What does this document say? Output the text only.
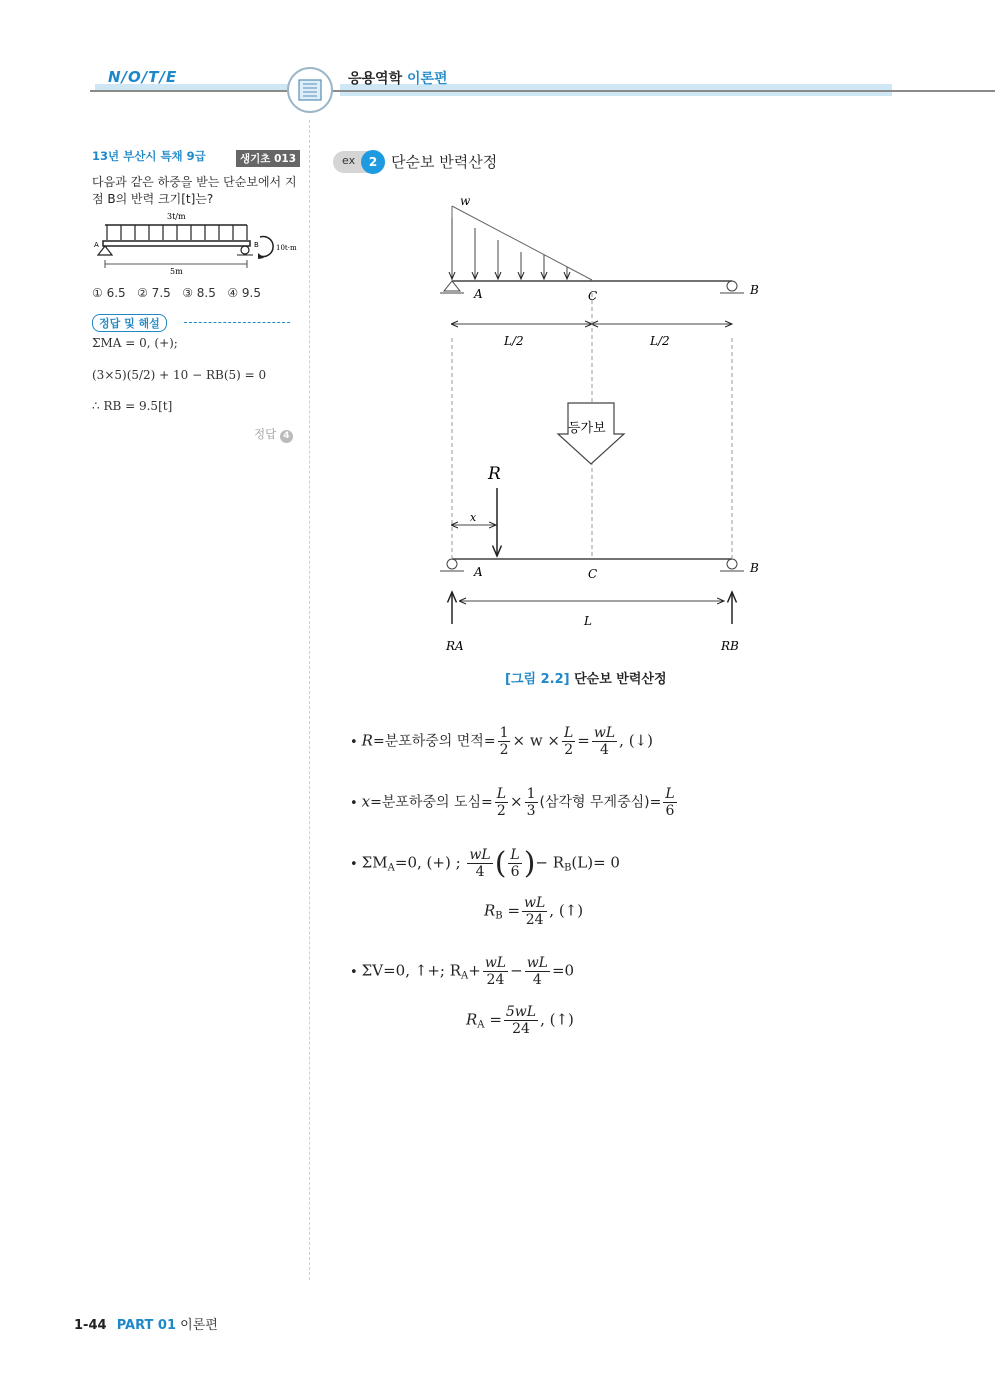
N/O/T/E	응용역학 이론편
13년 부산시 특채 9급	생기초 013
다음과 같은 하중을 받는 단순보에서 지점 B의 반력 크기[t]는?
3t/m
A	B 10t·m
5m
① 6.5 ② 7.5 ③ 8.5 ④ 9.5
정답 및 해설
ΣMA = 0, (+);
(3×5)(5/2) + 10 − RB(5) = 0
∴ RB = 9.5[t]
정답 4
ex	2 단순보 반력산정
w
A	C	B
L/2	L/2
등가보
R
x
A	C	B
L
RA	RB
[그림 2.2] 단순보 반력산정
• R=분포하중의 면적= $\frac{1}{2} \times w \times \frac{L}{2} = \frac{wL}{4}$ , (↓)
• x=분포하중의 도심= $\frac{L}{2} \times \frac{1}{3}$ (삼각형 무게중심)= $\frac{L}{6}$
• $\Sigma M_A=0$, (+) ; $\frac{wL}{4}$ ( $\frac{L}{6}$ )− $R_B(L)= 0$
$R_B = \frac{wL}{24}$ , (↑)
• ΣV=0, ↑+; $R_A+ \frac{wL}{24} - \frac{wL}{4} =0$
$R_A = \frac{5wL}{24}$ , (↑)
1-44 PART 01 이론편
